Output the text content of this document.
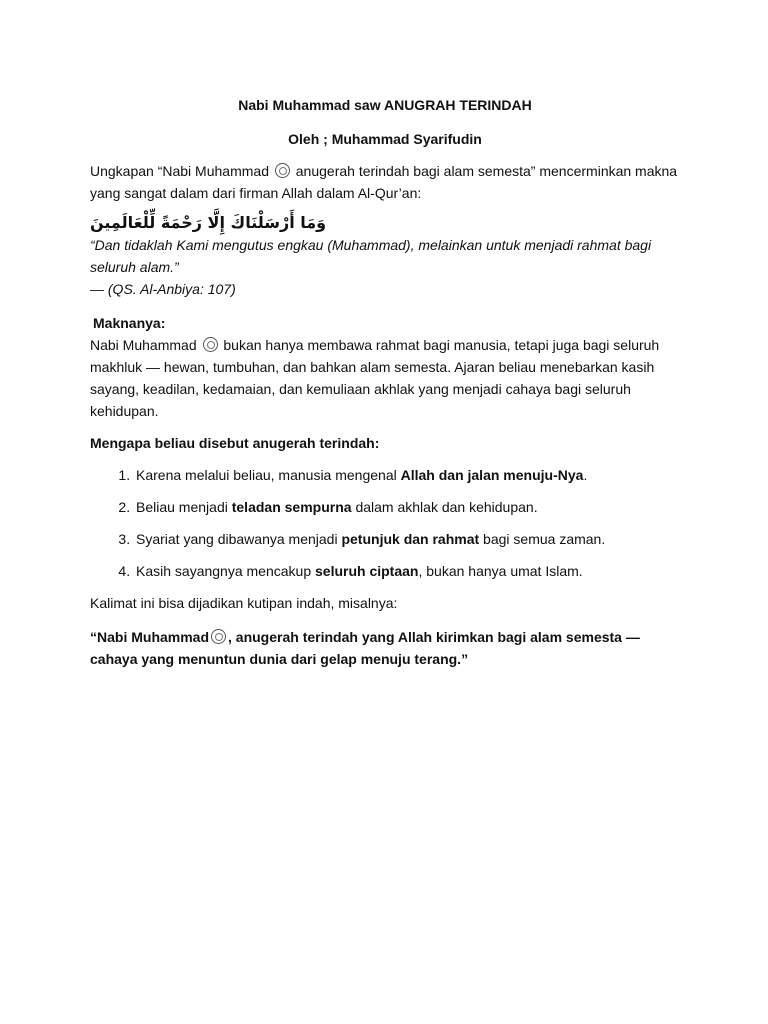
Nabi Muhammad saw ANUGRAH TERINDAH

Oleh ; Muhammad Syarifudin

Ungkapan “Nabi Muhammad anugerah terindah bagi alam semesta” mencerminkan makna yang sangat dalam dari firman Allah dalam Al-Qur’an:

وَمَا أَرْسَلْنَاكَ إِلَّا رَحْمَةً لِّلْعَالَمِينَ

“Dan tidaklah Kami mengutus engkau (Muhammad), melainkan untuk menjadi rahmat bagi seluruh alam.”

— (QS. Al-Anbiya: 107)

Maknanya:

Nabi Muhammad bukan hanya membawa rahmat bagi manusia, tetapi juga bagi seluruh makhluk — hewan, tumbuhan, dan bahkan alam semesta. Ajaran beliau menebarkan kasih sayang, keadilan, kedamaian, dan kemuliaan akhlak yang menjadi cahaya bagi seluruh kehidupan.

Mengapa beliau disebut anugerah terindah:

1. Karena melalui beliau, manusia mengenal Allah dan jalan menuju-Nya.
2. Beliau menjadi teladan sempurna dalam akhlak dan kehidupan.
3. Syariat yang dibawanya menjadi petunjuk dan rahmat bagi semua zaman.
4. Kasih sayangnya mencakup seluruh ciptaan, bukan hanya umat Islam.

Kalimat ini bisa dijadikan kutipan indah, misalnya:

“Nabi Muhammad , anugerah terindah yang Allah kirimkan bagi alam semesta — cahaya yang menuntun dunia dari gelap menuju terang.”
